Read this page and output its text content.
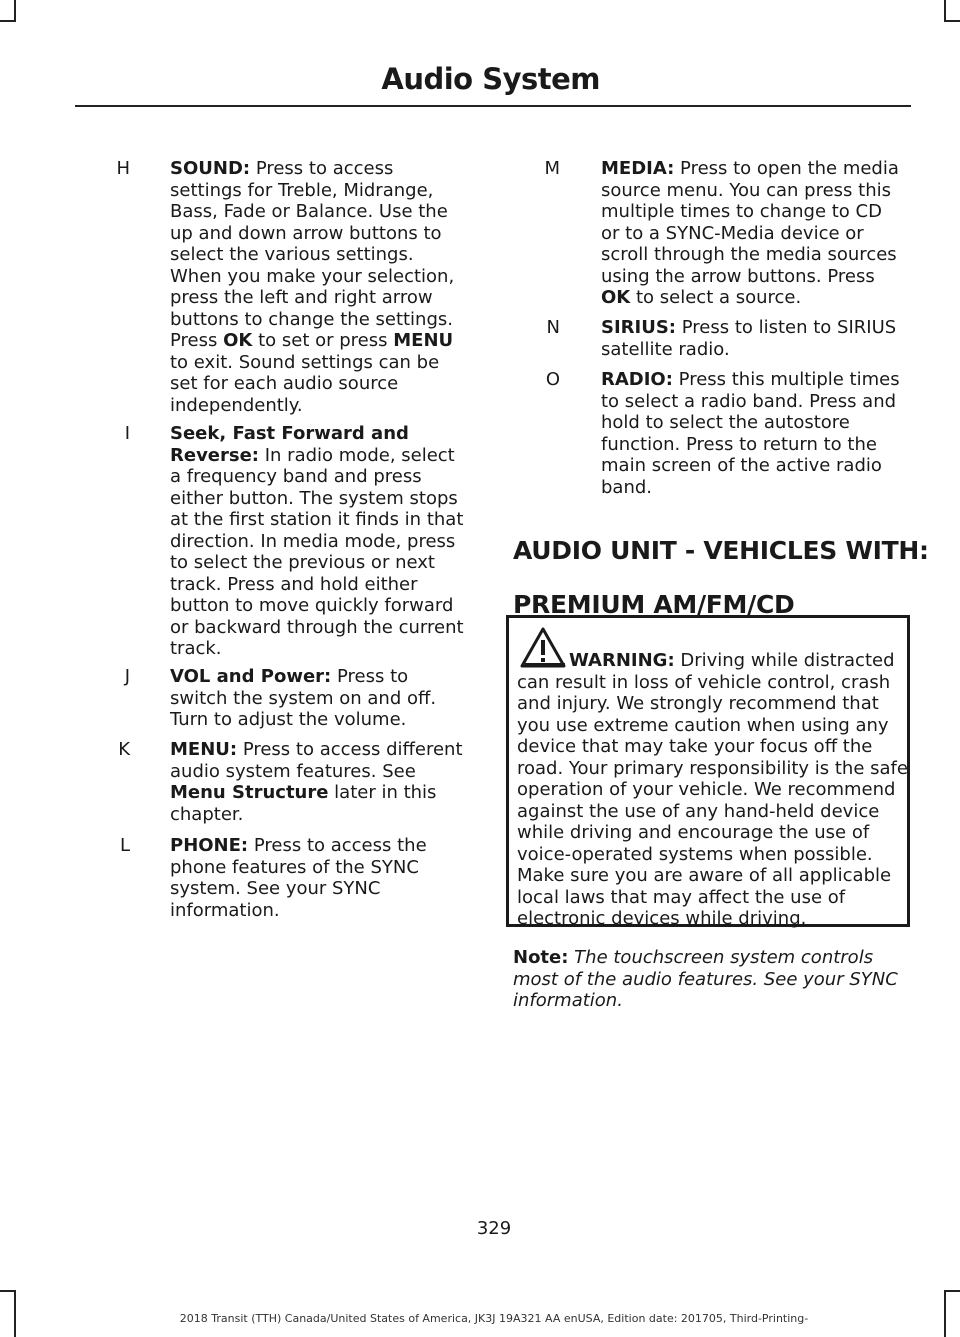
Audio System
H SOUND: Press to access settings for Treble, Midrange, Bass, Fade or Balance. Use the up and down arrow buttons to select the various settings. When you make your selection, press the left and right arrow buttons to change the settings. Press OK to set or press MENU to exit. Sound settings can be set for each audio source independently.
I Seek, Fast Forward and Reverse: In radio mode, select a frequency band and press either button. The system stops at the first station it finds in that direction. In media mode, press to select the previous or next track. Press and hold either button to move quickly forward or backward through the current track.
J VOL and Power: Press to switch the system on and off. Turn to adjust the volume.
K MENU: Press to access different audio system features. See Menu Structure later in this chapter.
L PHONE: Press to access the phone features of the SYNC system. See your SYNC information.
M MEDIA: Press to open the media source menu. You can press this multiple times to change to CD or to a SYNC-Media device or scroll through the media sources using the arrow buttons. Press OK to select a source.
N SIRIUS: Press to listen to SIRIUS satellite radio.
O RADIO: Press this multiple times to select a radio band. Press and hold to select the autostore function. Press to return to the main screen of the active radio band.
AUDIO UNIT - VEHICLES WITH:
PREMIUM AM/FM/CD
WARNING: Driving while distracted can result in loss of vehicle control, crash and injury. We strongly recommend that you use extreme caution when using any device that may take your focus off the road. Your primary responsibility is the safe operation of your vehicle. We recommend against the use of any hand-held device while driving and encourage the use of voice-operated systems when possible. Make sure you are aware of all applicable local laws that may affect the use of electronic devices while driving.
Note: The touchscreen system controls most of the audio features. See your SYNC information.
329
2018 Transit (TTH) Canada/United States of America, JK3J 19A321 AA enUSA, Edition date: 201705, Third-Printing-
